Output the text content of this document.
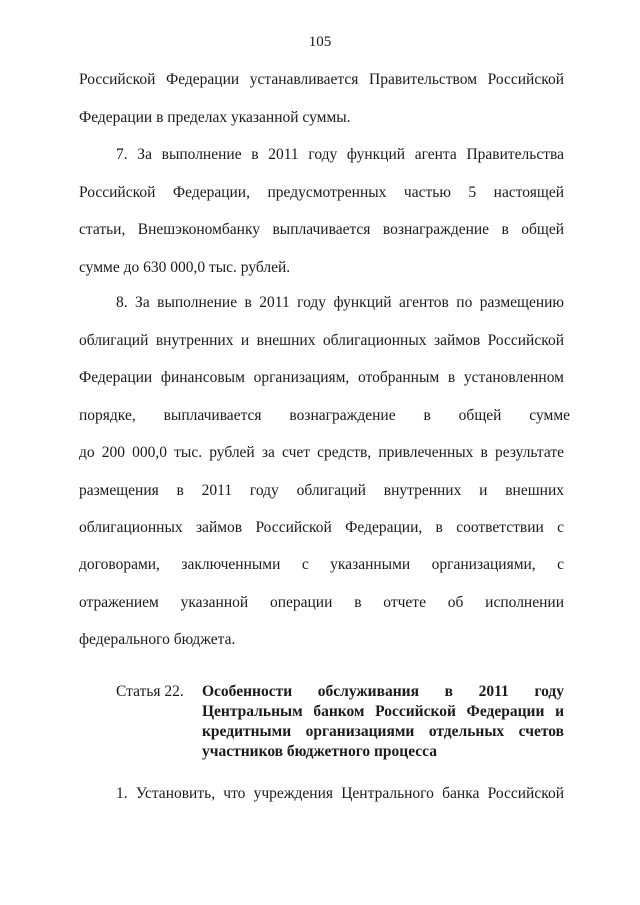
105
Российской Федерации устанавливается Правительством Российской
Федерации в пределах указанной суммы.
7. За выполнение в 2011 году функций агента Правительства
Российской Федерации, предусмотренных частью 5 настоящей
статьи, Внешэкономбанку выплачивается вознаграждение в общей
сумме до 630 000,0 тыс. рублей.
8. За выполнение в 2011 году функций агентов по размещению
облигаций внутренних и внешних облигационных займов Российской
Федерации финансовым организациям, отобранным в установленном
порядке, выплачивается вознаграждение в общей сумме
до 200 000,0 тыс. рублей за счет средств, привлеченных в результате
размещения в 2011 году облигаций внутренних и внешних
облигационных займов Российской Федерации, в соответствии с
договорами, заключенными с указанными организациями, с
отражением указанной операции в отчете об исполнении
федерального бюджета.
Статья 22. Особенности обслуживания в 2011 году
Центральным банком Российской Федерации и
кредитными организациями отдельных счетов
участников бюджетного процесса
1. Установить, что учреждения Центрального банка Российской
